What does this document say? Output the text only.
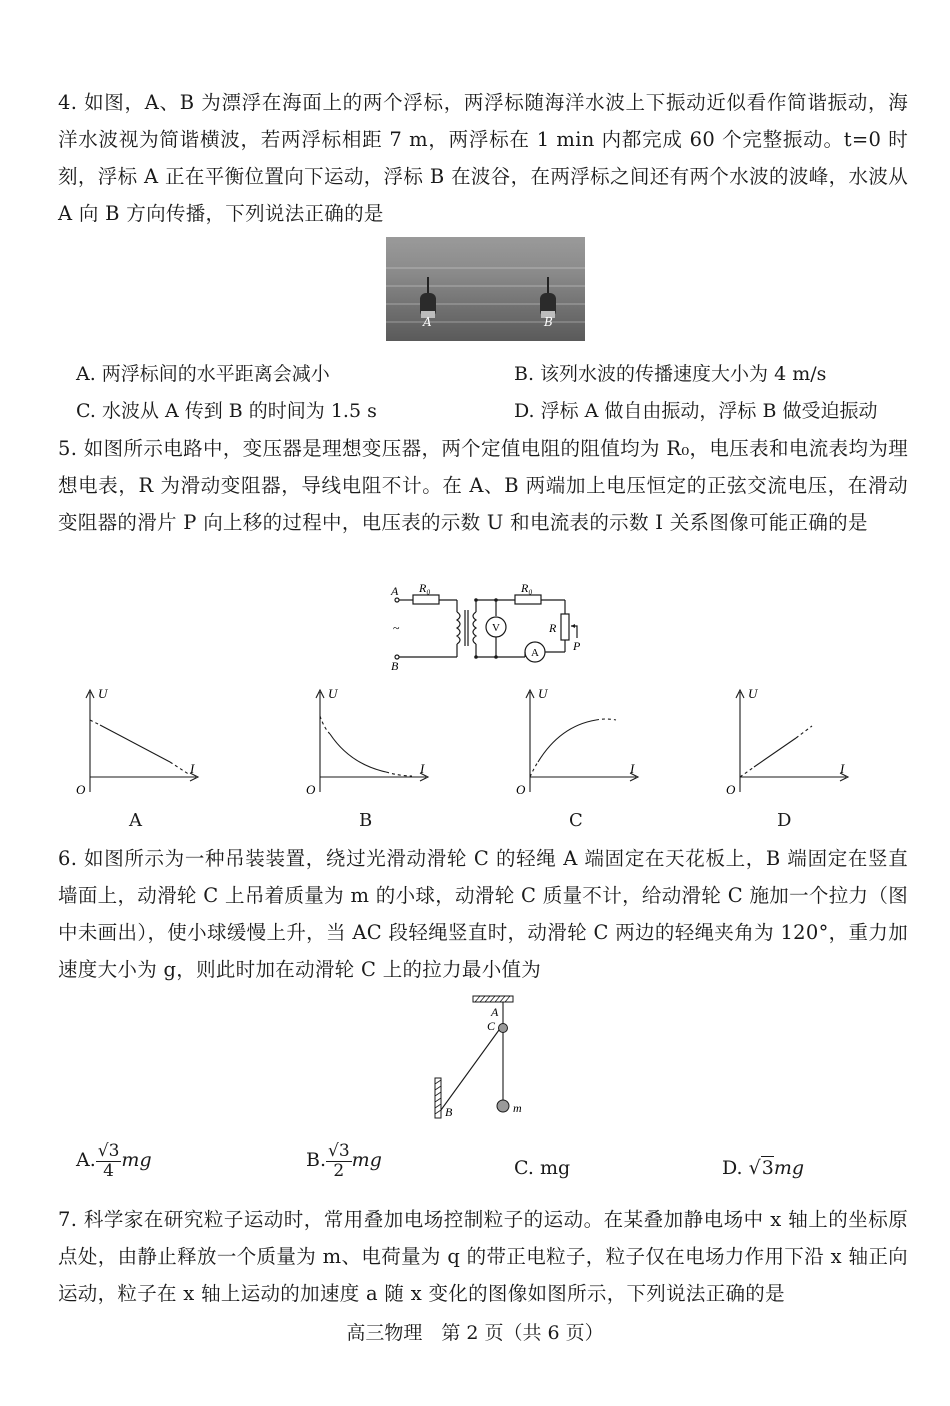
4. 如图，A、B 为漂浮在海面上的两个浮标，两浮标随海洋水波上下振动近似看作简谐振动，海洋水波视为简谐横波，若两浮标相距 7 m，两浮标在 1 min 内都完成 60 个完整振动。t=0 时刻，浮标 A 正在平衡位置向下运动，浮标 B 在波谷，在两浮标之间还有两个水波的波峰，水波从 A 向 B 方向传播，下列说法正确的是

A	B
A. 两浮标间的水平距离会减小	B. 该列水波的传播速度大小为 4 m/s
C. 水波从 A 传到 B 的时间为 1.5 s	D. 浮标 A 做自由振动，浮标 B 做受迫振动

5. 如图所示电路中，变压器是理想变压器，两个定值电阻的阻值均为 R₀，电压表和电流表均为理想电表，R 为滑动变阻器，导线电阻不计。在 A、B 两端加上电压恒定的正弦交流电压，在滑动变阻器的滑片 P 向上移的过程中，电压表的示数 U 和电流表的示数 I 关系图像可能正确的是

A
B
~
R₀	R₀
V
A
R
P
U
I
O
A
U
I
O
B
U
I
O
C
U
I
O
D

6. 如图所示为一种吊装装置，绕过光滑动滑轮 C 的轻绳 A 端固定在天花板上，B 端固定在竖直墙面上，动滑轮 C 上吊着质量为 m 的小球，动滑轮 C 质量不计，给动滑轮 C 施加一个拉力（图中未画出），使小球缓慢上升，当 AC 段轻绳竖直时，动滑轮 C 两边的轻绳夹角为 120°，重力加速度大小为 g，则此时加在动滑轮 C 上的拉力最小值为

A
C
B	m
A. $\frac{√3}{4}$ mg	B. $\frac{√3}{2}$ mg	C. mg	D. √3mg

7. 科学家在研究粒子运动时，常用叠加电场控制粒子的运动。在某叠加静电场中 x 轴上的坐标原点处，由静止释放一个质量为 m、电荷量为 q 的带正电粒子，粒子仅在电场力作用下沿 x 轴正向运动，粒子在 x 轴上运动的加速度 a 随 x 变化的图像如图所示，下列说法正确的是

高三物理　第 2 页（共 6 页）
